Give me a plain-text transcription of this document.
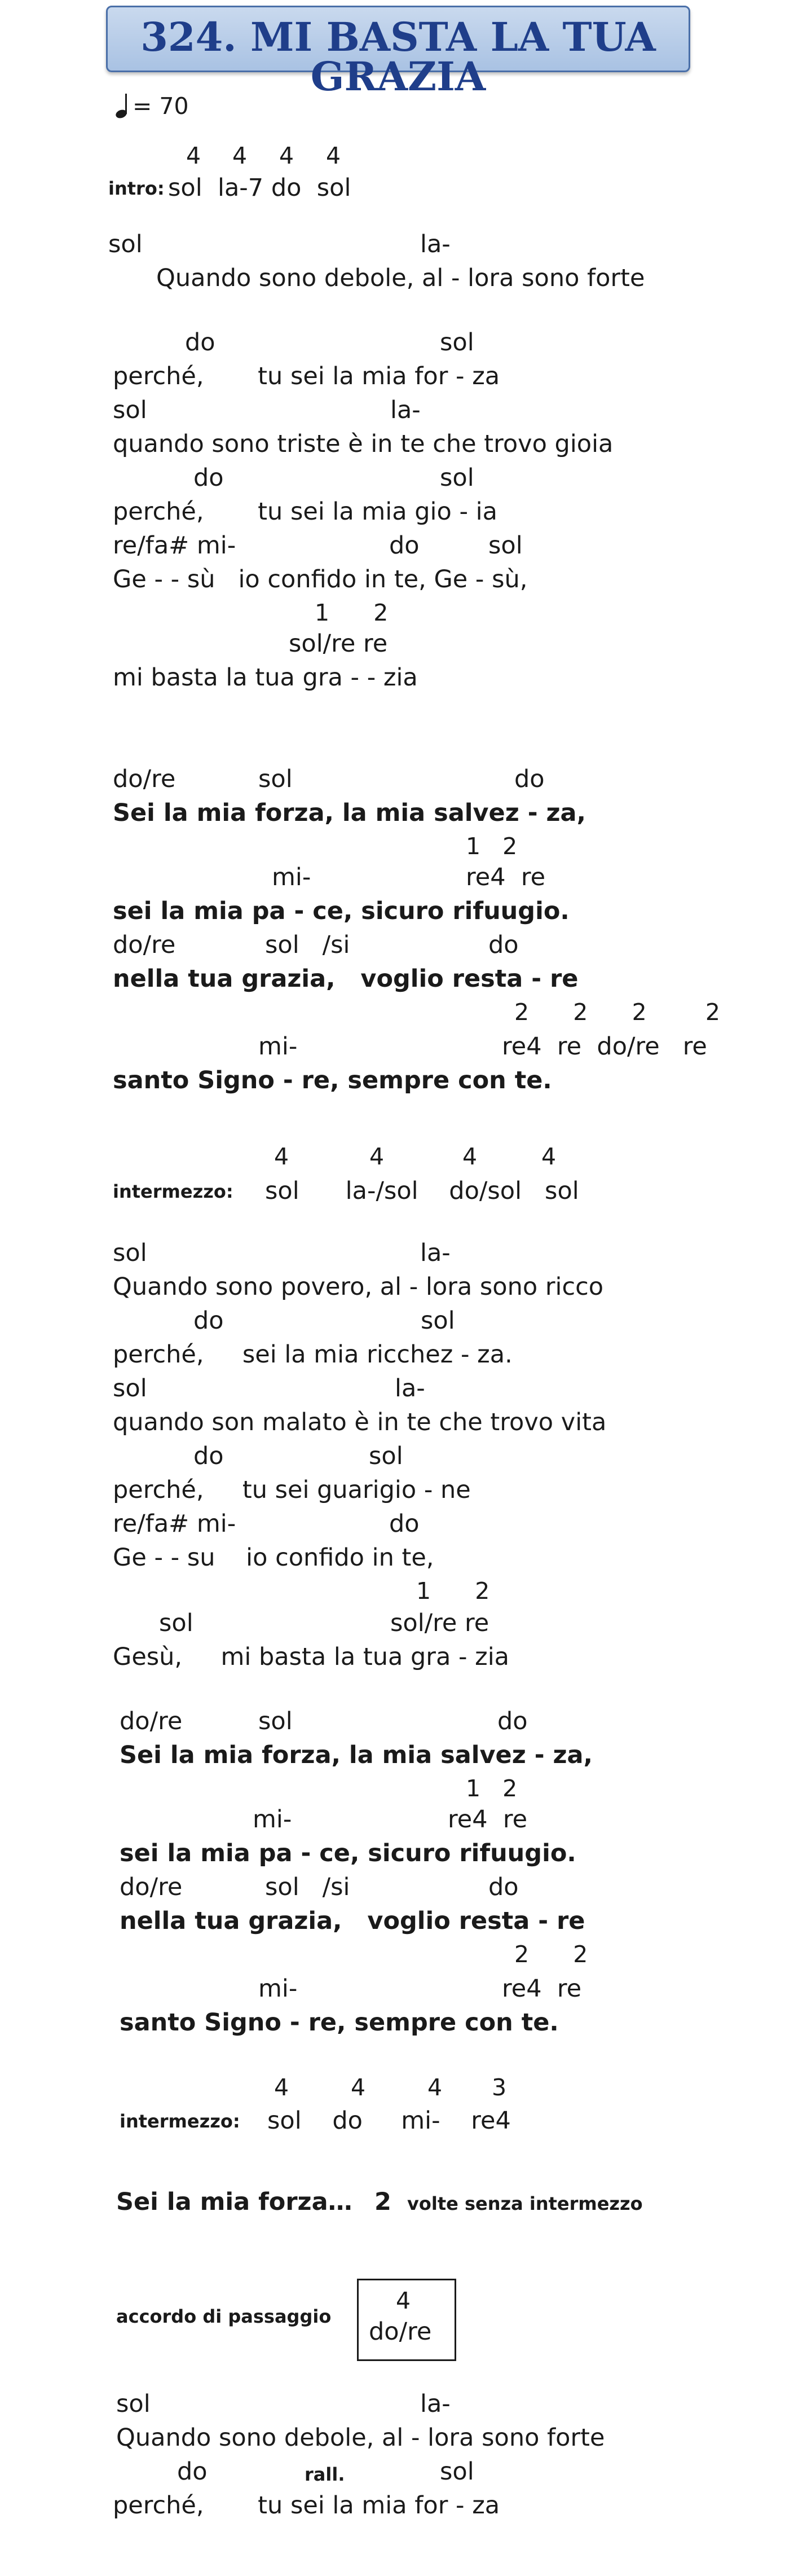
324. MI BASTA LA TUA GRAZIA
= 70
4 4 4 4
intro: sol  la-7 do  sol
sol	la-
Quando sono debole, al - lora sono forte
do	sol
perché,       tu sei la mia for - za
sol	la-
quando sono triste è in te che trovo gioia
do	sol
perché,       tu sei la mia gio - ia
re/fa# mi-	do	sol
Ge - - sù   io confido in te, Ge - sù,
1      2
sol/re re
mi basta la tua gra - - zia
do/re	sol	do
Sei la mia forza, la mia salvez - za,
1   2
mi-	re4  re
sei la mia pa - ce, sicuro rifuugio.
do/re	sol   /si	do
nella tua grazia,   voglio resta - re
2      2      2        2
mi-	re4  re  do/re   re
santo Signo - re, sempre con te.
4	4	4	4
intermezzo: sol      la-/sol    do/sol   sol
sol	la-
Quando sono povero, al - lora sono ricco
do	sol
perché,     sei la mia ricchez - za.
sol	la-
quando son malato è in te che trovo vita
do	sol
perché,     tu sei guarigio - ne
re/fa# mi-	do
Ge - - su    io confido in te,
1      2
sol	sol/re re
Gesù,     mi basta la tua gra - zia
do/re	sol	do
Sei la mia forza, la mia salvez - za,
1   2
mi-	re4  re
sei la mia pa - ce, sicuro rifuugio.
do/re	sol   /si	do
nella tua grazia,   voglio resta - re
2      2
mi-	re4  re
santo Signo - re, sempre con te.
4	4	4 3
intermezzo: sol    do     mi-    re4
Sei la mia forza… 2 volte senza intermezzo
accordo di passaggio
4
do/re
sol	la-
Quando sono debole, al - lora sono forte
do	rall.	sol
perché,       tu sei la mia for - za
